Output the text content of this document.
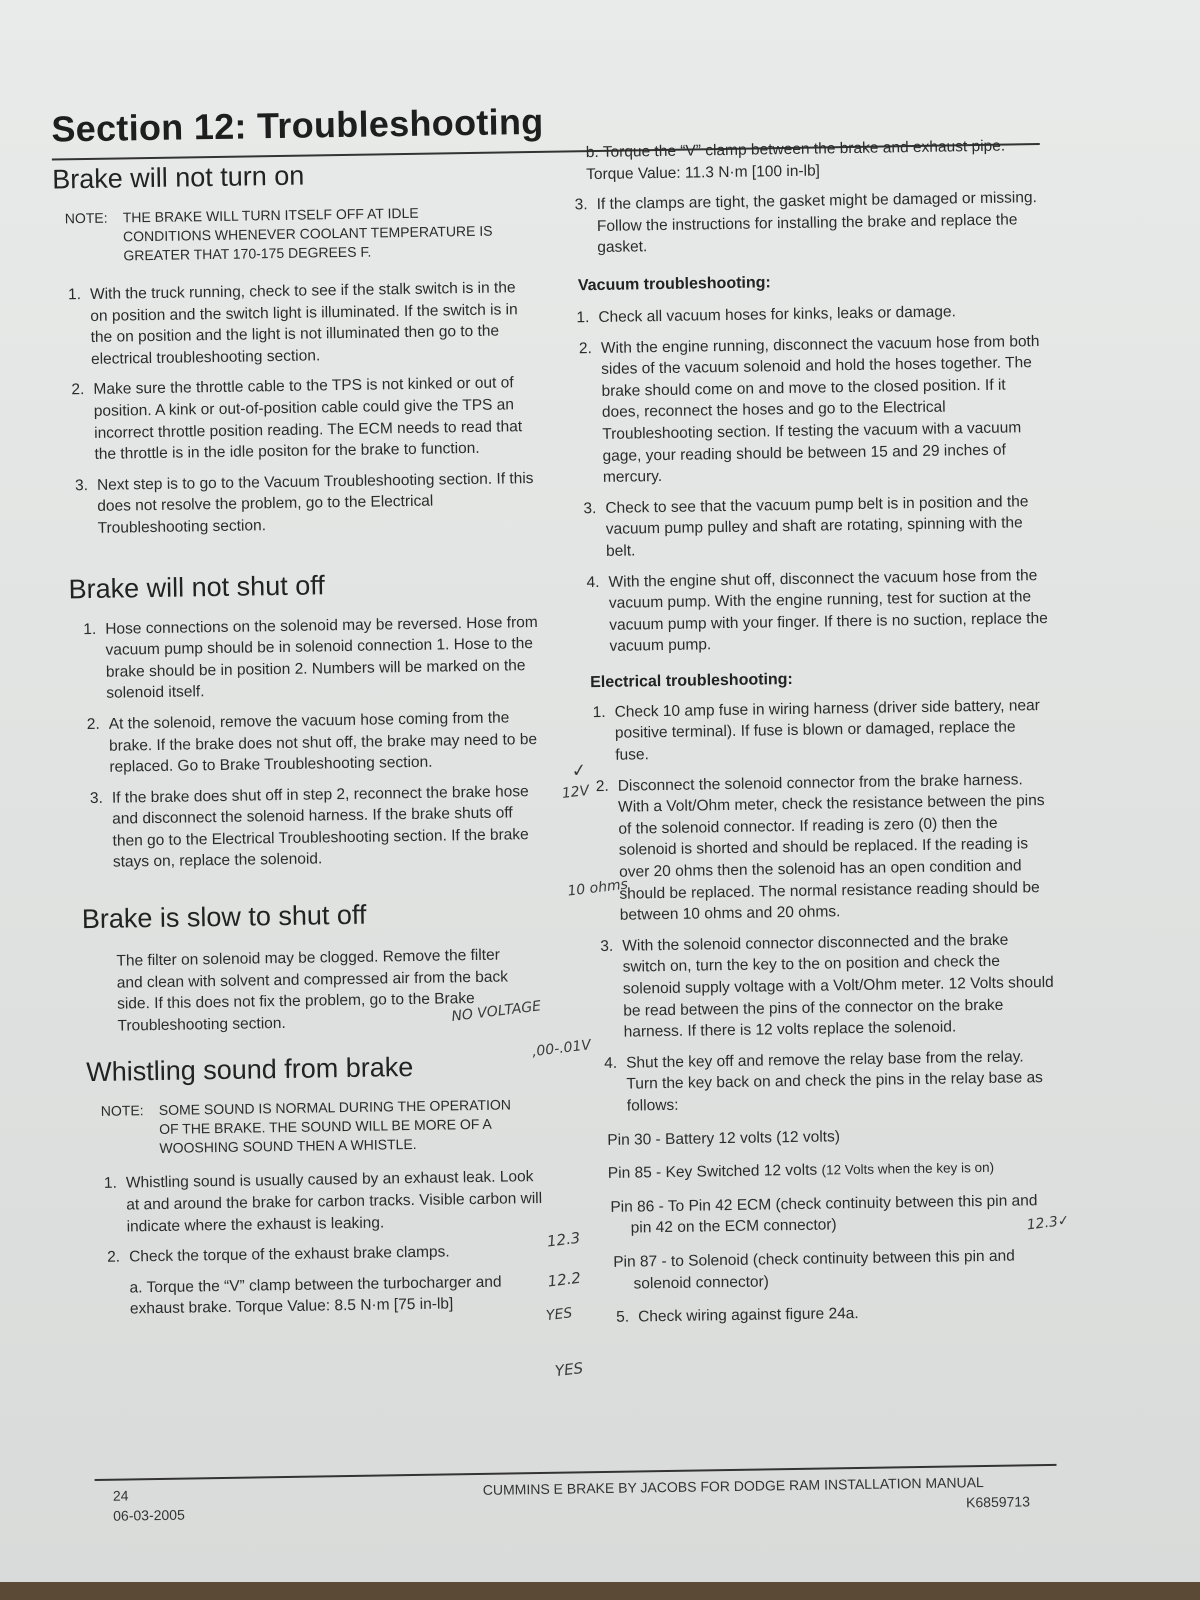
Section 12: Troubleshooting
Brake will not turn on
NOTE:	THE BRAKE WILL TURN ITSELF OFF AT IDLE CONDITIONS WHENEVER COOLANT TEMPERATURE IS GREATER THAT 170-175 DEGREES F.
1. With the truck running, check to see if the stalk switch is in the on position and the switch light is illuminated. If the switch is in the on position and the light is not illuminated then go to the electrical troubleshooting section.
2. Make sure the throttle cable to the TPS is not kinked or out of position. A kink or out-of-position cable could give the TPS an incorrect throttle position reading. The ECM needs to read that the throttle is in the idle positon for the brake to function.
3. Next step is to go to the Vacuum Troubleshooting section. If this does not resolve the problem, go to the Electrical Troubleshooting section.
Brake will not shut off
1. Hose connections on the solenoid may be reversed. Hose from vacuum pump should be in solenoid connection 1. Hose to the brake should be in position 2. Numbers will be marked on the solenoid itself.
2. At the solenoid, remove the vacuum hose coming from the brake. If the brake does not shut off, the brake may need to be replaced. Go to Brake Troubleshooting section.
3. If the brake does shut off in step 2, reconnect the brake hose and disconnect the solenoid harness. If the brake shuts off then go to the Electrical Troubleshooting section. If the brake stays on, replace the solenoid.
Brake is slow to shut off
The filter on solenoid may be clogged. Remove the filter and clean with solvent and compressed air from the back side. If this does not fix the problem, go to the Brake Troubleshooting section.
Whistling sound from brake
NOTE:	SOME SOUND IS NORMAL DURING THE OPERATION OF THE BRAKE. THE SOUND WILL BE MORE OF A WOOSHING SOUND THEN A WHISTLE.
1. Whistling sound is usually caused by an exhaust leak. Look at and around the brake for carbon tracks. Visible carbon will indicate where the exhaust is leaking.
2. Check the torque of the exhaust brake clamps.
a. Torque the “V” clamp between the turbocharger and exhaust brake. Torque Value: 8.5 N·m [75 in-lb]
b. Torque the “V” clamp between the brake and exhaust pipe. Torque Value: 11.3 N·m [100 in-lb]
3. If the clamps are tight, the gasket might be damaged or missing. Follow the instructions for installing the brake and replace the gasket.
Vacuum troubleshooting:
1. Check all vacuum hoses for kinks, leaks or damage.
2. With the engine running, disconnect the vacuum hose from both sides of the vacuum solenoid and hold the hoses together. The brake should come on and move to the closed position. If it does, reconnect the hoses and go to the Electrical Troubleshooting section. If testing the vacuum with a vacuum gage, your reading should be between 15 and 29 inches of mercury.
3. Check to see that the vacuum pump belt is in position and the vacuum pump pulley and shaft are rotating, spinning with the belt.
4. With the engine shut off, disconnect the vacuum hose from the vacuum pump. With the engine running, test for suction at the vacuum pump with your finger. If there is no suction, replace the vacuum pump.
Electrical troubleshooting:
1. Check 10 amp fuse in wiring harness (driver side battery, near positive terminal). If fuse is blown or damaged, replace the fuse.
2. Disconnect the solenoid connector from the brake harness. With a Volt/Ohm meter, check the resistance between the pins of the solenoid connector. If reading is zero (0) then the solenoid is shorted and should be replaced. If the reading is over 20 ohms then the solenoid has an open condition and should be replaced. The normal resistance reading should be between 10 ohms and 20 ohms.
3. With the solenoid connector disconnected and the brake switch on, turn the key to the on position and check the solenoid supply voltage with a Volt/Ohm meter. 12 Volts should be read between the pins of the connector on the brake harness. If there is 12 volts replace the solenoid.
4. Shut the key off and remove the relay base from the relay. Turn the key back on and check the pins in the relay base as follows:
Pin 30 - Battery 12 volts (12 volts)
Pin 85 - Key Switched 12 volts (12 Volts when the key is on)
Pin 86 - To Pin 42 ECM (check continuity between this pin and pin 42 on the ECM connector)
Pin 87 - to Solenoid (check continuity between this pin and solenoid connector)
5. Check wiring against figure 24a.
✓
12V
10 ohms
NO VOLTAGE
,00-.01V
12.3
12.3✓
12.2
YES
YES
24
06-03-2005
CUMMINS E BRAKE BY JACOBS FOR DODGE RAM INSTALLATION MANUAL
K6859713
